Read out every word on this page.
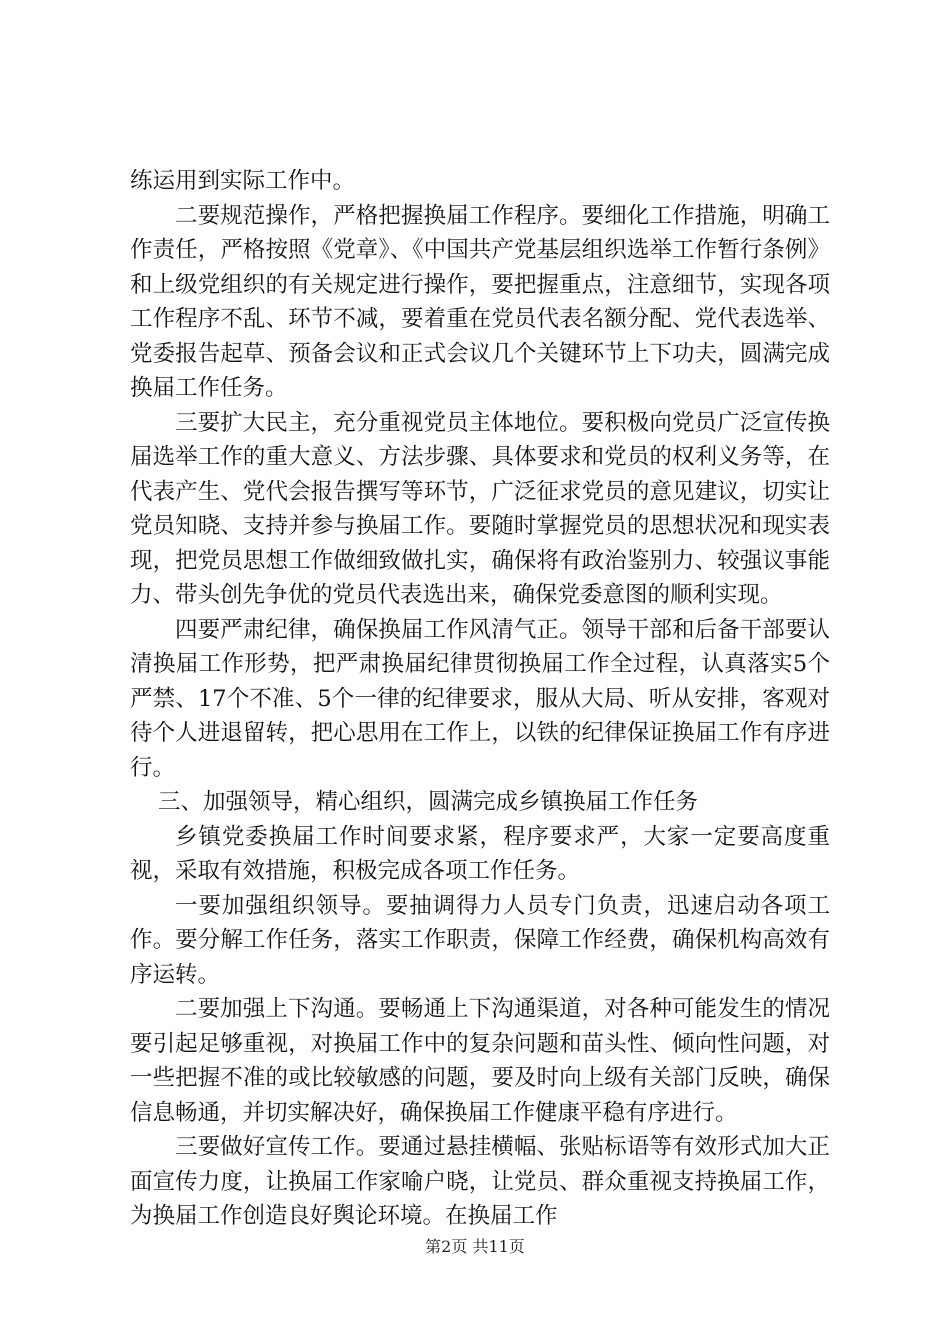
练运用到实际工作中。

二要规范操作，严格把握换届工作程序。要细化工作措施，明确工作责任，严格按照《党章》、《中国共产党基层组织选举工作暂行条例》和上级党组织的有关规定进行操作，要把握重点，注意细节，实现各项工作程序不乱、环节不减，要着重在党员代表名额分配、党代表选举、党委报告起草、预备会议和正式会议几个关键环节上下功夫，圆满完成换届工作任务。

三要扩大民主，充分重视党员主体地位。要积极向党员广泛宣传换届选举工作的重大意义、方法步骤、具体要求和党员的权利义务等，在代表产生、党代会报告撰写等环节，广泛征求党员的意见建议，切实让党员知晓、支持并参与换届工作。要随时掌握党员的思想状况和现实表现，把党员思想工作做细致做扎实，确保将有政治鉴别力、较强议事能力、带头创先争优的党员代表选出来，确保党委意图的顺利实现。

四要严肃纪律，确保换届工作风清气正。领导干部和后备干部要认清换届工作形势，把严肃换届纪律贯彻换届工作全过程，认真落实5个严禁、17个不准、5个一律的纪律要求，服从大局、听从安排，客观对待个人进退留转，把心思用在工作上，以铁的纪律保证换届工作有序进行。

三、加强领导，精心组织，圆满完成乡镇换届工作任务

乡镇党委换届工作时间要求紧，程序要求严，大家一定要高度重视，采取有效措施，积极完成各项工作任务。

一要加强组织领导。要抽调得力人员专门负责，迅速启动各项工作。要分解工作任务，落实工作职责，保障工作经费，确保机构高效有序运转。

二要加强上下沟通。要畅通上下沟通渠道，对各种可能发生的情况要引起足够重视，对换届工作中的复杂问题和苗头性、倾向性问题，对一些把握不准的或比较敏感的问题，要及时向上级有关部门反映，确保信息畅通，并切实解决好，确保换届工作健康平稳有序进行。

三要做好宣传工作。要通过悬挂横幅、张贴标语等有效形式加大正面宣传力度，让换届工作家喻户晓，让党员、群众重视支持换届工作，为换届工作创造良好舆论环境。在换届工作

第2页 共11页
